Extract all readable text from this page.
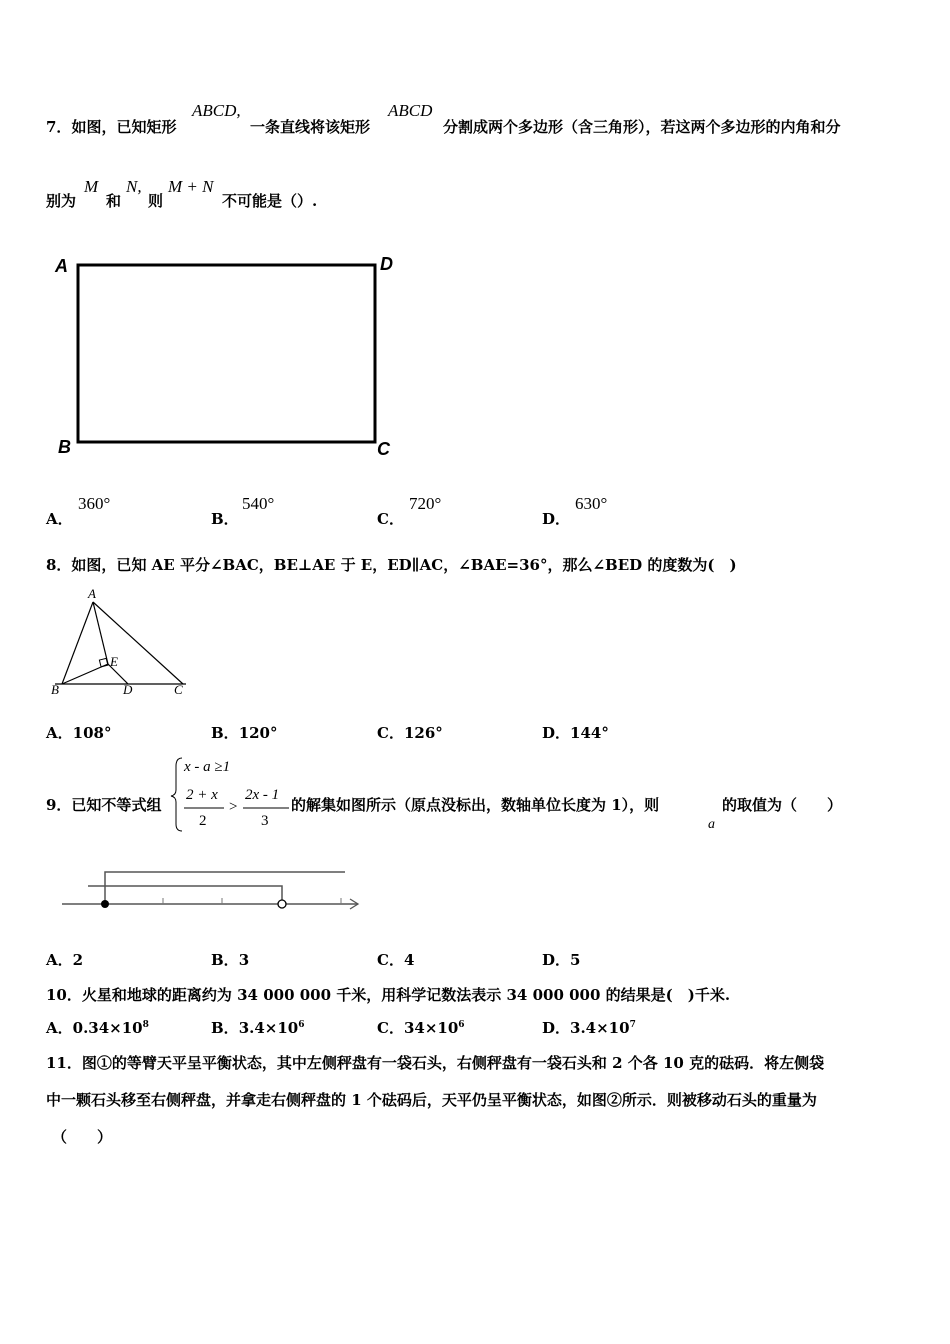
7．如图，已知矩形
ABCD,
一条直线将该矩形
ABCD
分割成两个多边形（含三角形），若这两个多边形的内角和分
别为
M
和
N,
则
M + N
不可能是（）.
A	D
B	C
A．
360°
B．
540°
C．
720°
D．
630°
8．如图，已知 AE 平分∠BAC，BE⊥AE 于 E，ED∥AC，∠BAE=36°，那么∠BED 的度数为(　)
A
B	D	C
E
A．108°	B．120°	C．126°	D．144°
9．已知不等式组
x - a ≥1
2 + x
2
>
2x - 1
3
的解集如图所示（原点没标出，数轴单位长度为 1），则
a
的取值为（　　）
A．2	B．3	C．4	D．5
10．火星和地球的距离约为 34 000 000 千米，用科学记数法表示 34 000 000 的结果是(　)千米.
A．$0.34\times 10^8$	B．$3.4\times 10^6$	C．$34\times 10^6$	D．$3.4\times 10^7$
11．图①的等臂天平呈平衡状态，其中左侧秤盘有一袋石头，右侧秤盘有一袋石头和 2 个各 10 克的砝码．将左侧袋
中一颗石头移至右侧秤盘，并拿走右侧秤盘的 1 个砝码后，天平仍呈平衡状态，如图②所示．则被移动石头的重量为
（　　）
